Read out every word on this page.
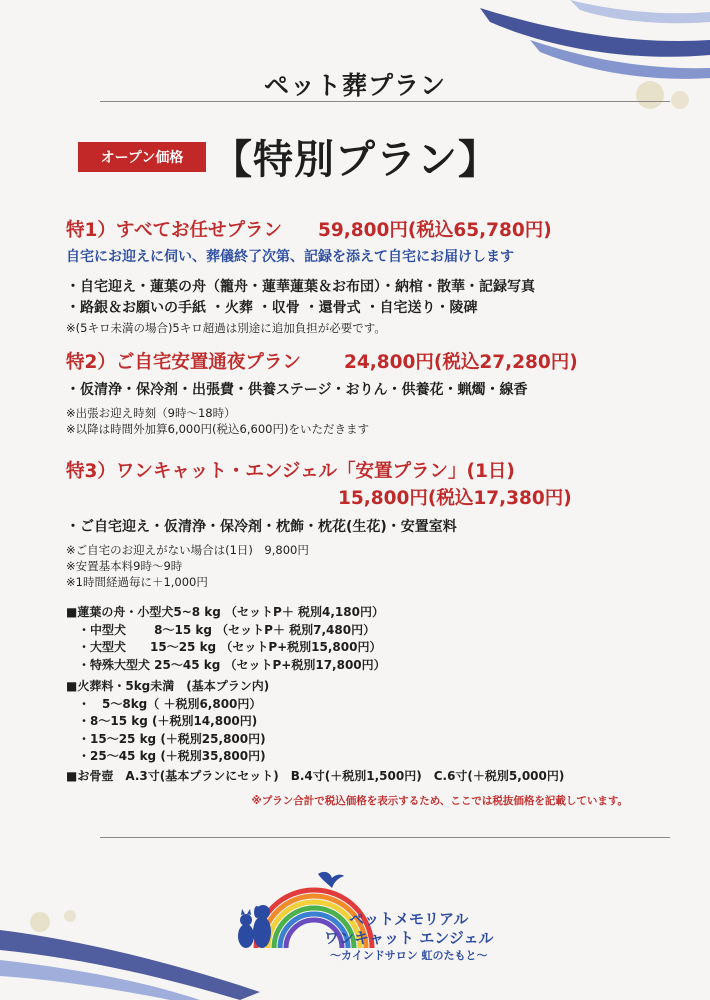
ペット葬プラン
オープン価格 【特別プラン】
特1）すべてお任せプラン 59,800円(税込65,780円)
自宅にお迎えに伺い、葬儀終了次第、記録を添えて自宅にお届けします
・自宅迎え・蓮葉の舟（籠舟・蓮華蓮葉＆お布団）・納棺・散華・記録写真
・路銀＆お願いの手紙 ・火葬 ・収骨 ・還骨式 ・自宅送り・陵碑
※(5キロ未満の場合)5キロ超過は別途に追加負担が必要です。
特2）ご自宅安置通夜プラン 24,800円(税込27,280円)
・仮清浄・保冷剤・出張費・供養ステージ・おりん・供養花・蝋燭・線香
※出張お迎え時刻（9時〜18時）
※以降は時間外加算6,000円(税込6,600円)をいただきます
特3）ワンキャット・エンジェル「安置プラン」(1日)
15,800円(税込17,380円)
・ご自宅迎え・仮清浄・保冷剤・枕飾・枕花(生花)・安置室料
※ご自宅のお迎えがない場合は(1日)　9,800円
※安置基本料9時〜9時
※1時間経過毎に＋1,000円
■蓮葉の舟・小型犬5~8 kg （セットP＋ 税別4,180円）
　・中型犬　　 8〜15 kg （セットP＋ 税別7,480円）
　・大型犬　　15〜25 kg （セットP+税別15,800円）
　・特殊大型犬 25〜45 kg （セットP+税別17,800円）
■火葬料・5kg未満　(基本プラン内)
　・　5〜8kg（ ＋税別6,800円）
　・8〜15 kg (＋税別14,800円)
　・15〜25 kg (＋税別25,800円)
　・25〜45 kg (＋税別35,800円)
■お骨壺　A.3寸(基本プランにセット)　B.4寸(＋税別1,500円)　C.6寸(＋税別5,000円)
※プラン合計で税込価格を表示するため、ここでは税抜価格を記載しています。
ペットメモリアル
ワンキャット エンジェル
〜カインドサロン 虹のたもと〜
